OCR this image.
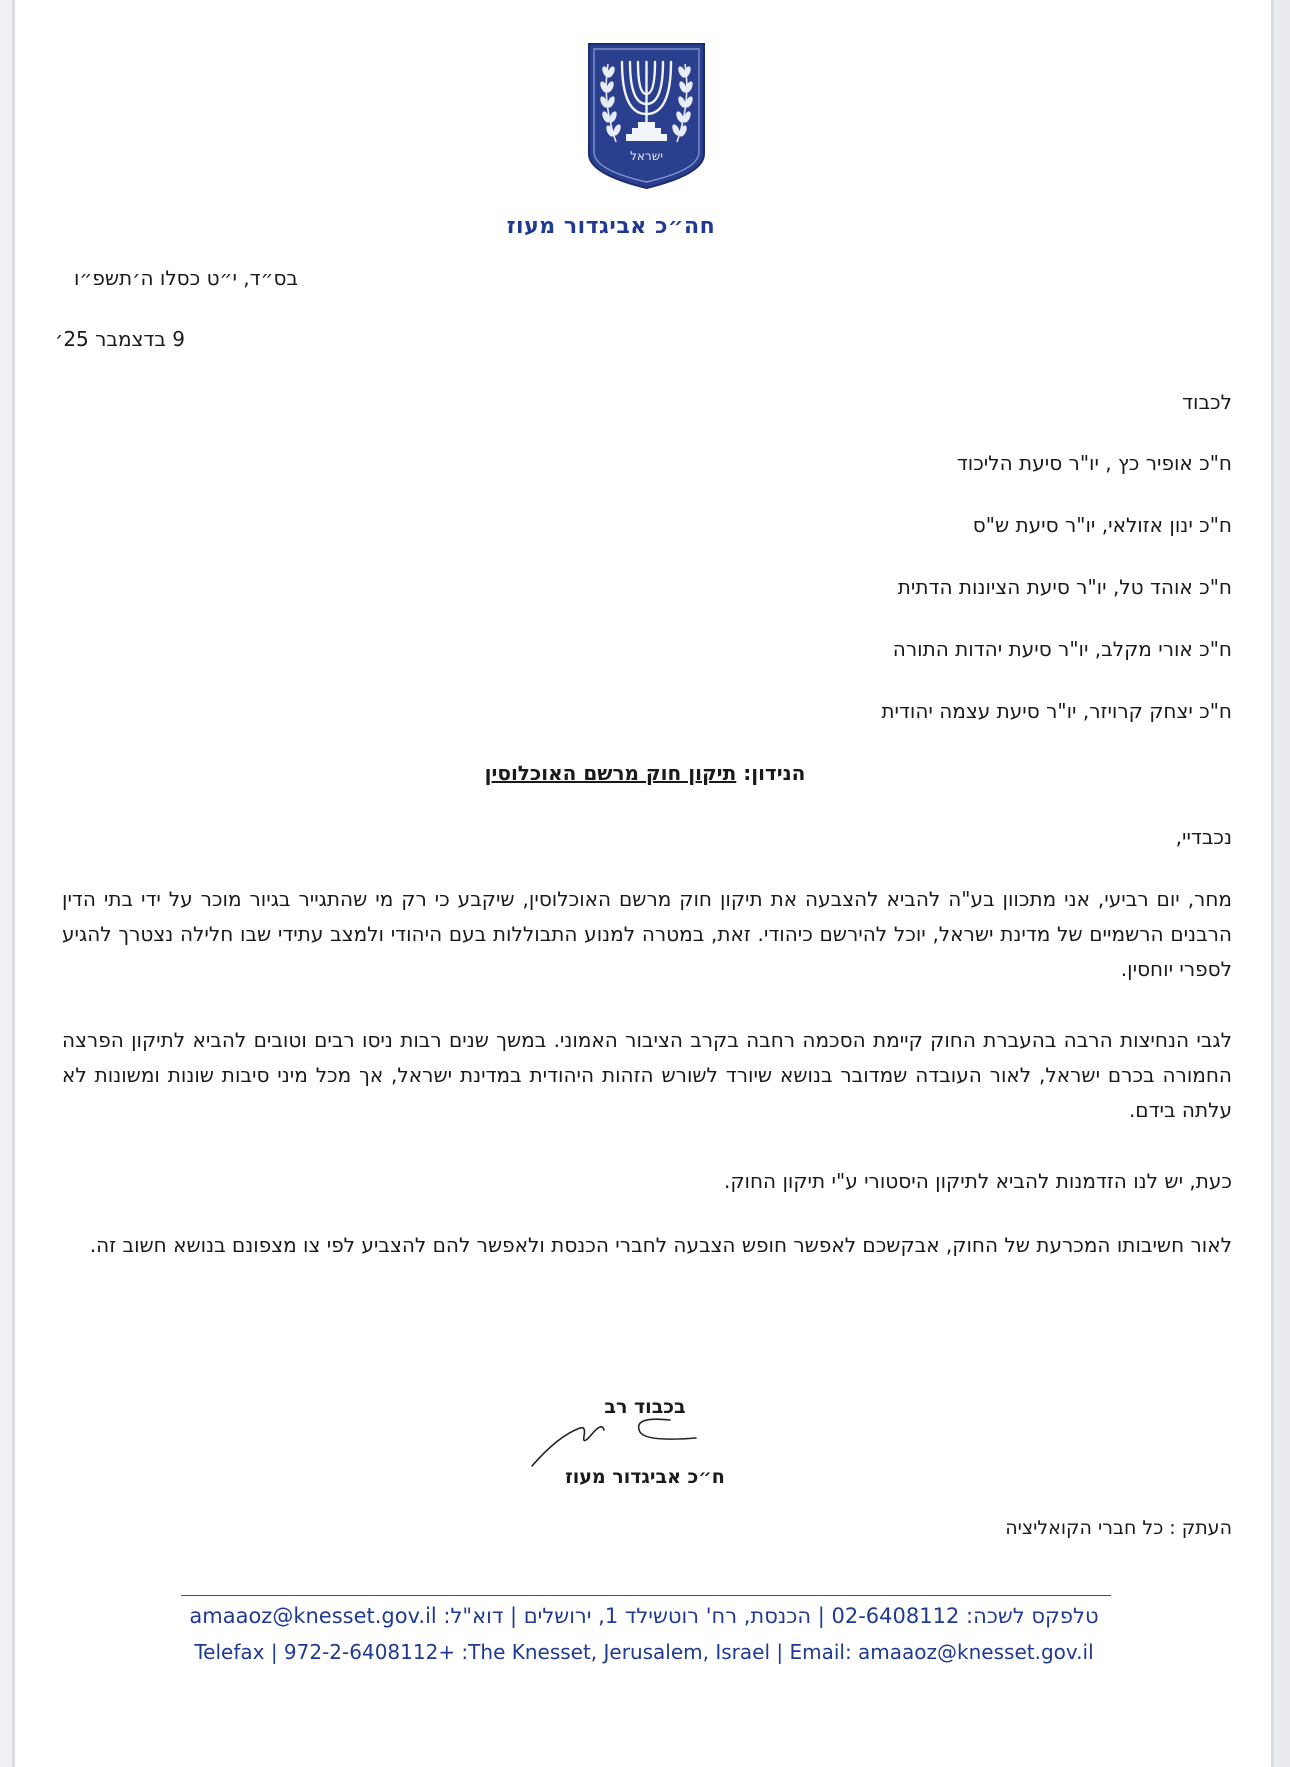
ישראל
חה״כ אביגדור מעוז
בס״ד, י״ט כסלו ה׳תשפ״ו
9 בדצמבר 25׳
לכבוד
ח"כ אופיר כץ , יו"ר סיעת הליכוד
ח"כ ינון אזולאי, יו"ר סיעת ש"ס
ח"כ אוהד טל, יו"ר סיעת הציונות הדתית
ח"כ אורי מקלב, יו"ר סיעת יהדות התורה
ח"כ יצחק קרויזר, יו"ר סיעת עצמה יהודית
הנידון: תיקון חוק מרשם האוכלוסין
נכבדיי,
מחר, יום רביעי, אני מתכוון בע"ה להביא להצבעה את תיקון חוק מרשם האוכלוסין, שיקבע כי רק מי שהתגייר בגיור מוכר על ידי בתי הדין הרבנים הרשמיים של מדינת ישראל, יוכל להירשם כיהודי. זאת, במטרה למנוע התבוללות בעם היהודי ולמצב עתידי שבו חלילה נצטרך להגיע לספרי יוחסין.
לגבי הנחיצות הרבה בהעברת החוק קיימת הסכמה רחבה בקרב הציבור האמוני. במשך שנים רבות ניסו רבים וטובים להביא לתיקון הפרצה החמורה בכרם ישראל, לאור העובדה שמדובר בנושא שיורד לשורש הזהות היהודית במדינת ישראל, אך מכל מיני סיבות שונות ומשונות לא עלתה בידם.
כעת, יש לנו הזדמנות להביא לתיקון היסטורי ע"י תיקון החוק.
לאור חשיבותו המכרעת של החוק, אבקשכם לאפשר חופש הצבעה לחברי הכנסת ולאפשר להם להצביע לפי צו מצפונם בנושא חשוב זה.
בכבוד רב
ח״כ אביגדור מעוז
העתק : כל חברי הקואליציה
טלפקס לשכה: 02-6408112 | הכנסת, רח' רוטשילד 1, ירושלים | דוא"ל: amaaoz@knesset.gov.il
Telefax | 972-2-6408112+ :The Knesset, Jerusalem, Israel | Email: amaaoz@knesset.gov.il
